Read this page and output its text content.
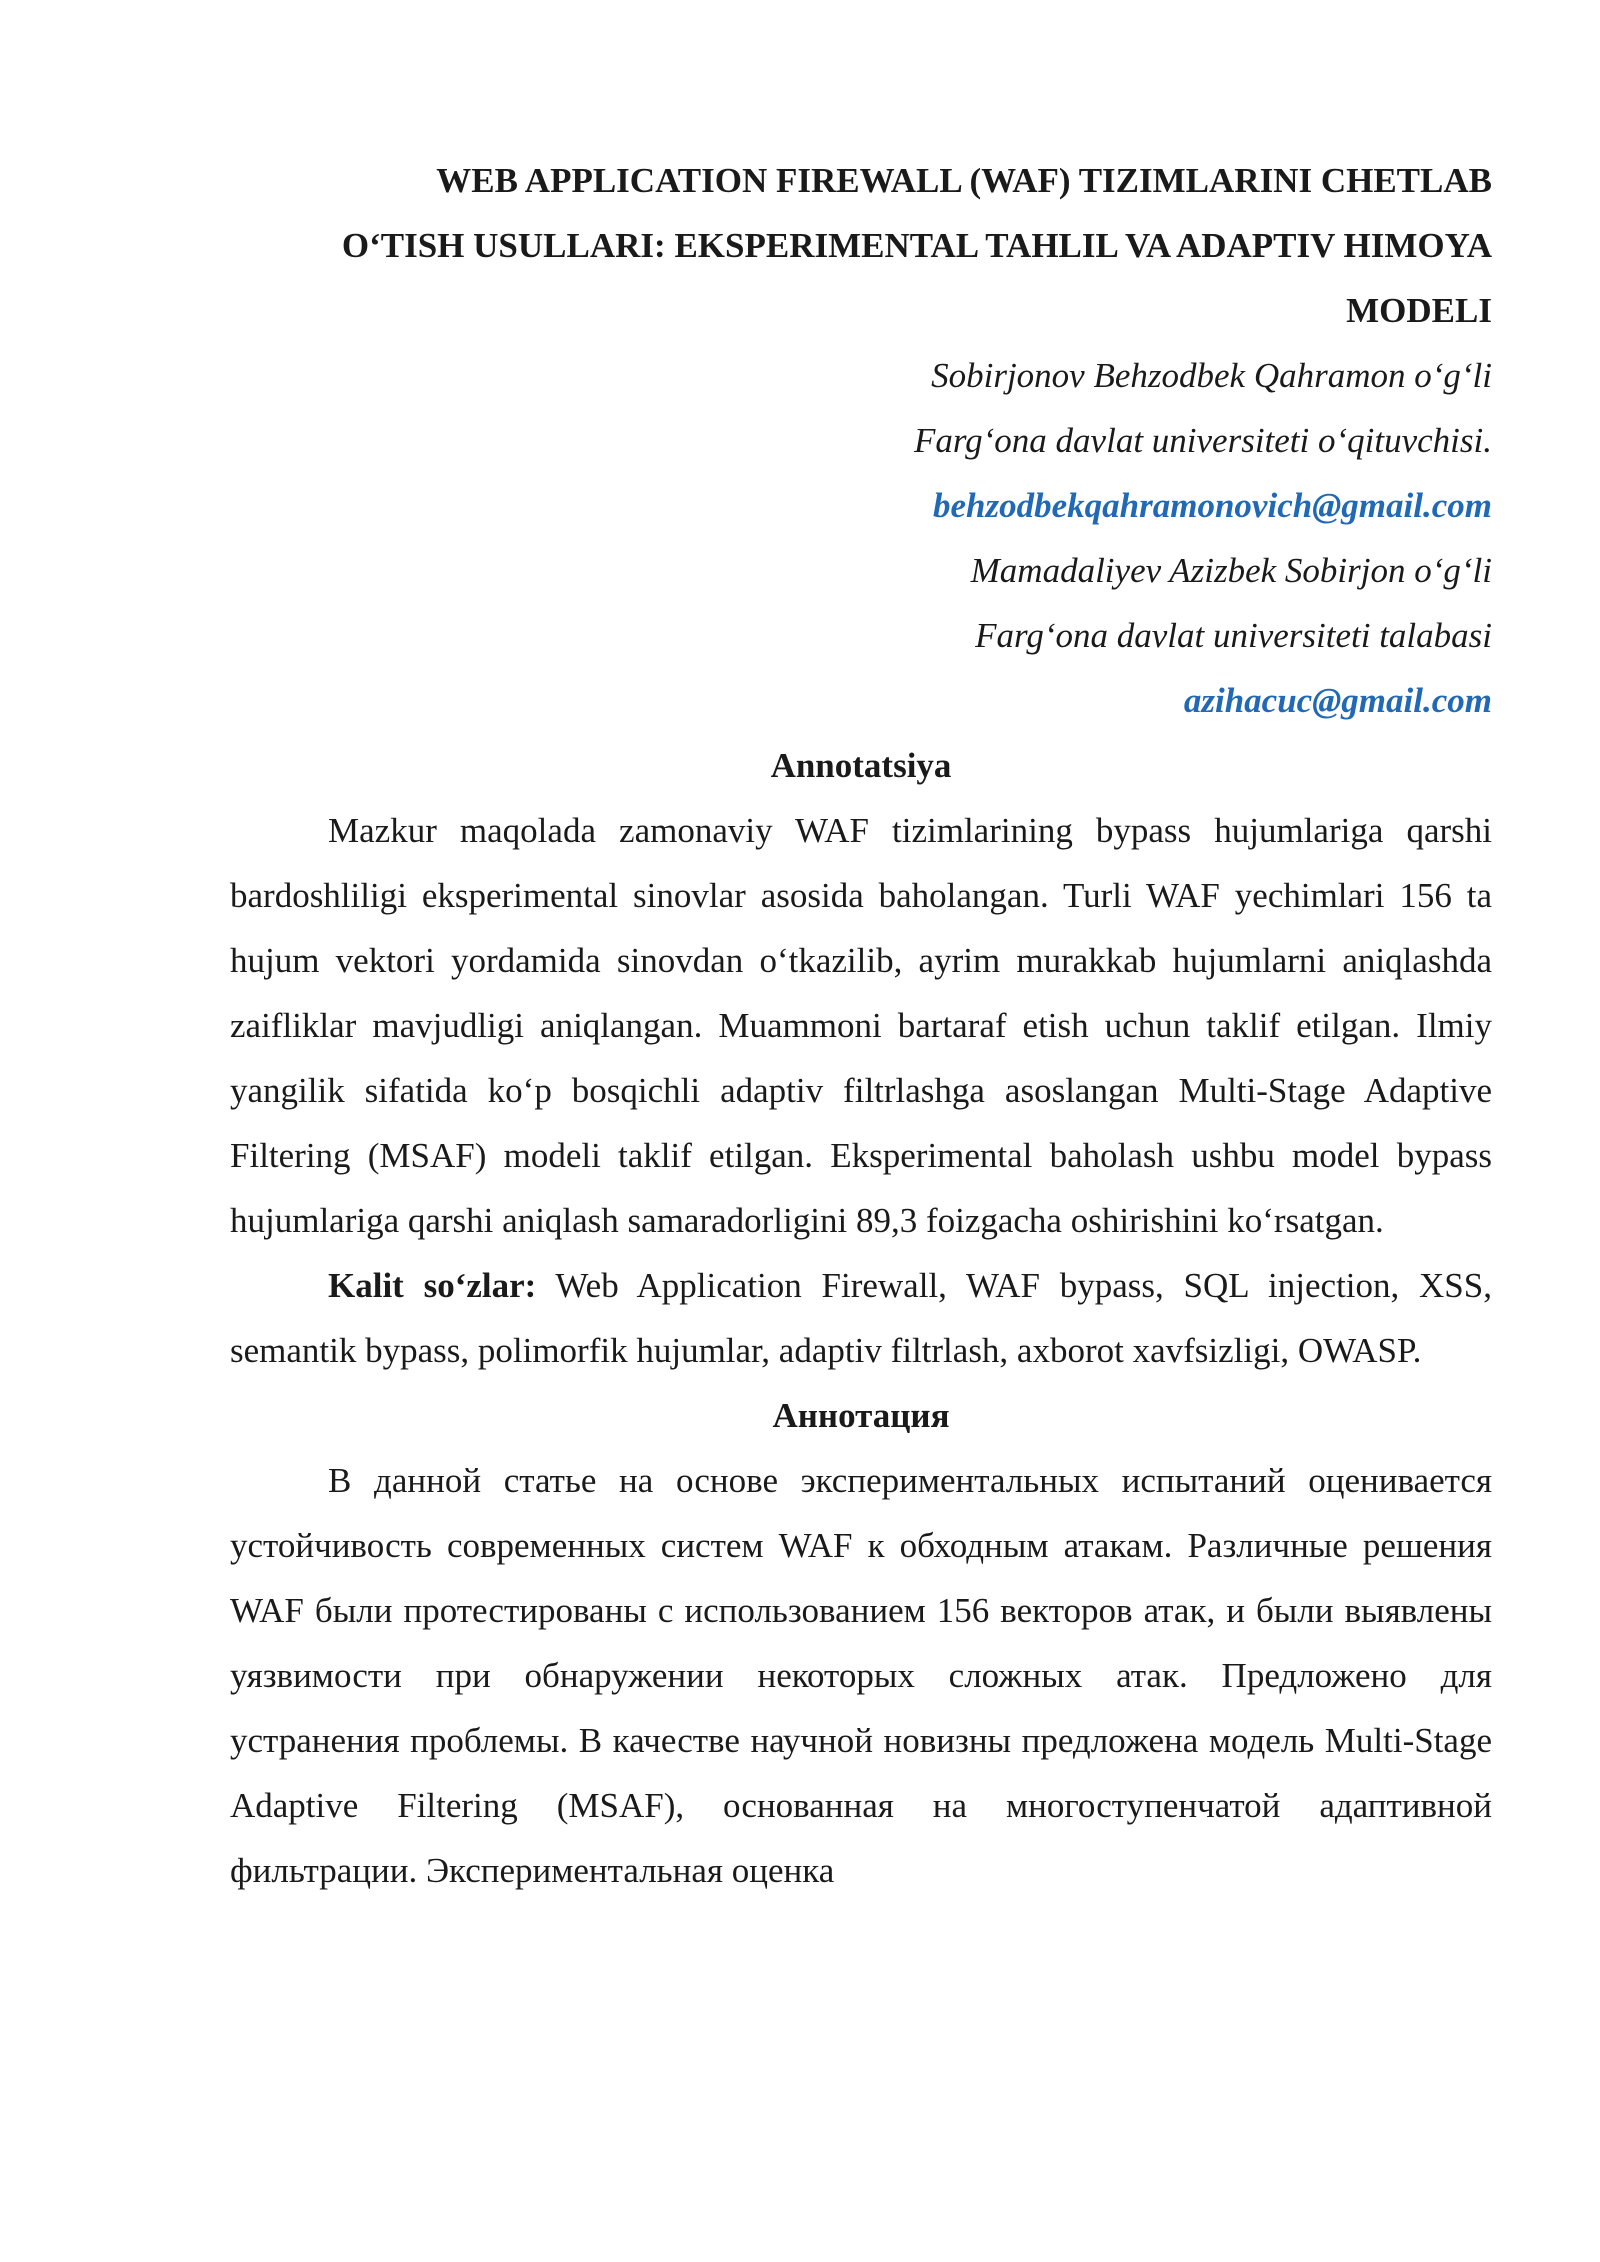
WEB APPLICATION FIREWALL (WAF) TIZIMLARINI CHETLAB

O‘TISH USULLARI: EKSPERIMENTAL TAHLIL VA ADAPTIV HIMOYA

MODELI

Sobirjonov Behzodbek Qahramon o‘g‘li

Farg‘ona davlat universiteti o‘qituvchisi.

behzodbekqahramonovich@gmail.com

Mamadaliyev Azizbek Sobirjon o‘g‘li

Farg‘ona davlat universiteti talabasi

azihacuc@gmail.com

Annotatsiya

Mazkur maqolada zamonaviy WAF tizimlarining bypass hujumlariga qarshi bardoshliligi eksperimental sinovlar asosida baholangan. Turli WAF yechimlari 156 ta hujum vektori yordamida sinovdan o‘tkazilib, ayrim murakkab hujumlarni aniqlashda zaifliklar mavjudligi aniqlangan. Muammoni bartaraf etish uchun taklif etilgan. Ilmiy yangilik sifatida ko‘p bosqichli adaptiv filtrlashga asoslangan Multi-Stage Adaptive Filtering (MSAF) modeli taklif etilgan. Eksperimental baholash ushbu model bypass hujumlariga qarshi aniqlash samaradorligini 89,3 foizgacha oshirishini ko‘rsatgan.

Kalit so‘zlar: Web Application Firewall, WAF bypass, SQL injection, XSS, semantik bypass, polimorfik hujumlar, adaptiv filtrlash, axborot xavfsizligi, OWASP.

Аннотация

В данной статье на основе экспериментальных испытаний оценивается устойчивость современных систем WAF к обходным атакам. Различные решения WAF были протестированы с использованием 156 векторов атак, и были выявлены уязвимости при обнаружении некоторых сложных атак. Предложено для устранения проблемы. В качестве научной новизны предложена модель Multi-Stage Adaptive Filtering (MSAF), основанная на многоступенчатой адаптивной фильтрации. Экспериментальная оценка
